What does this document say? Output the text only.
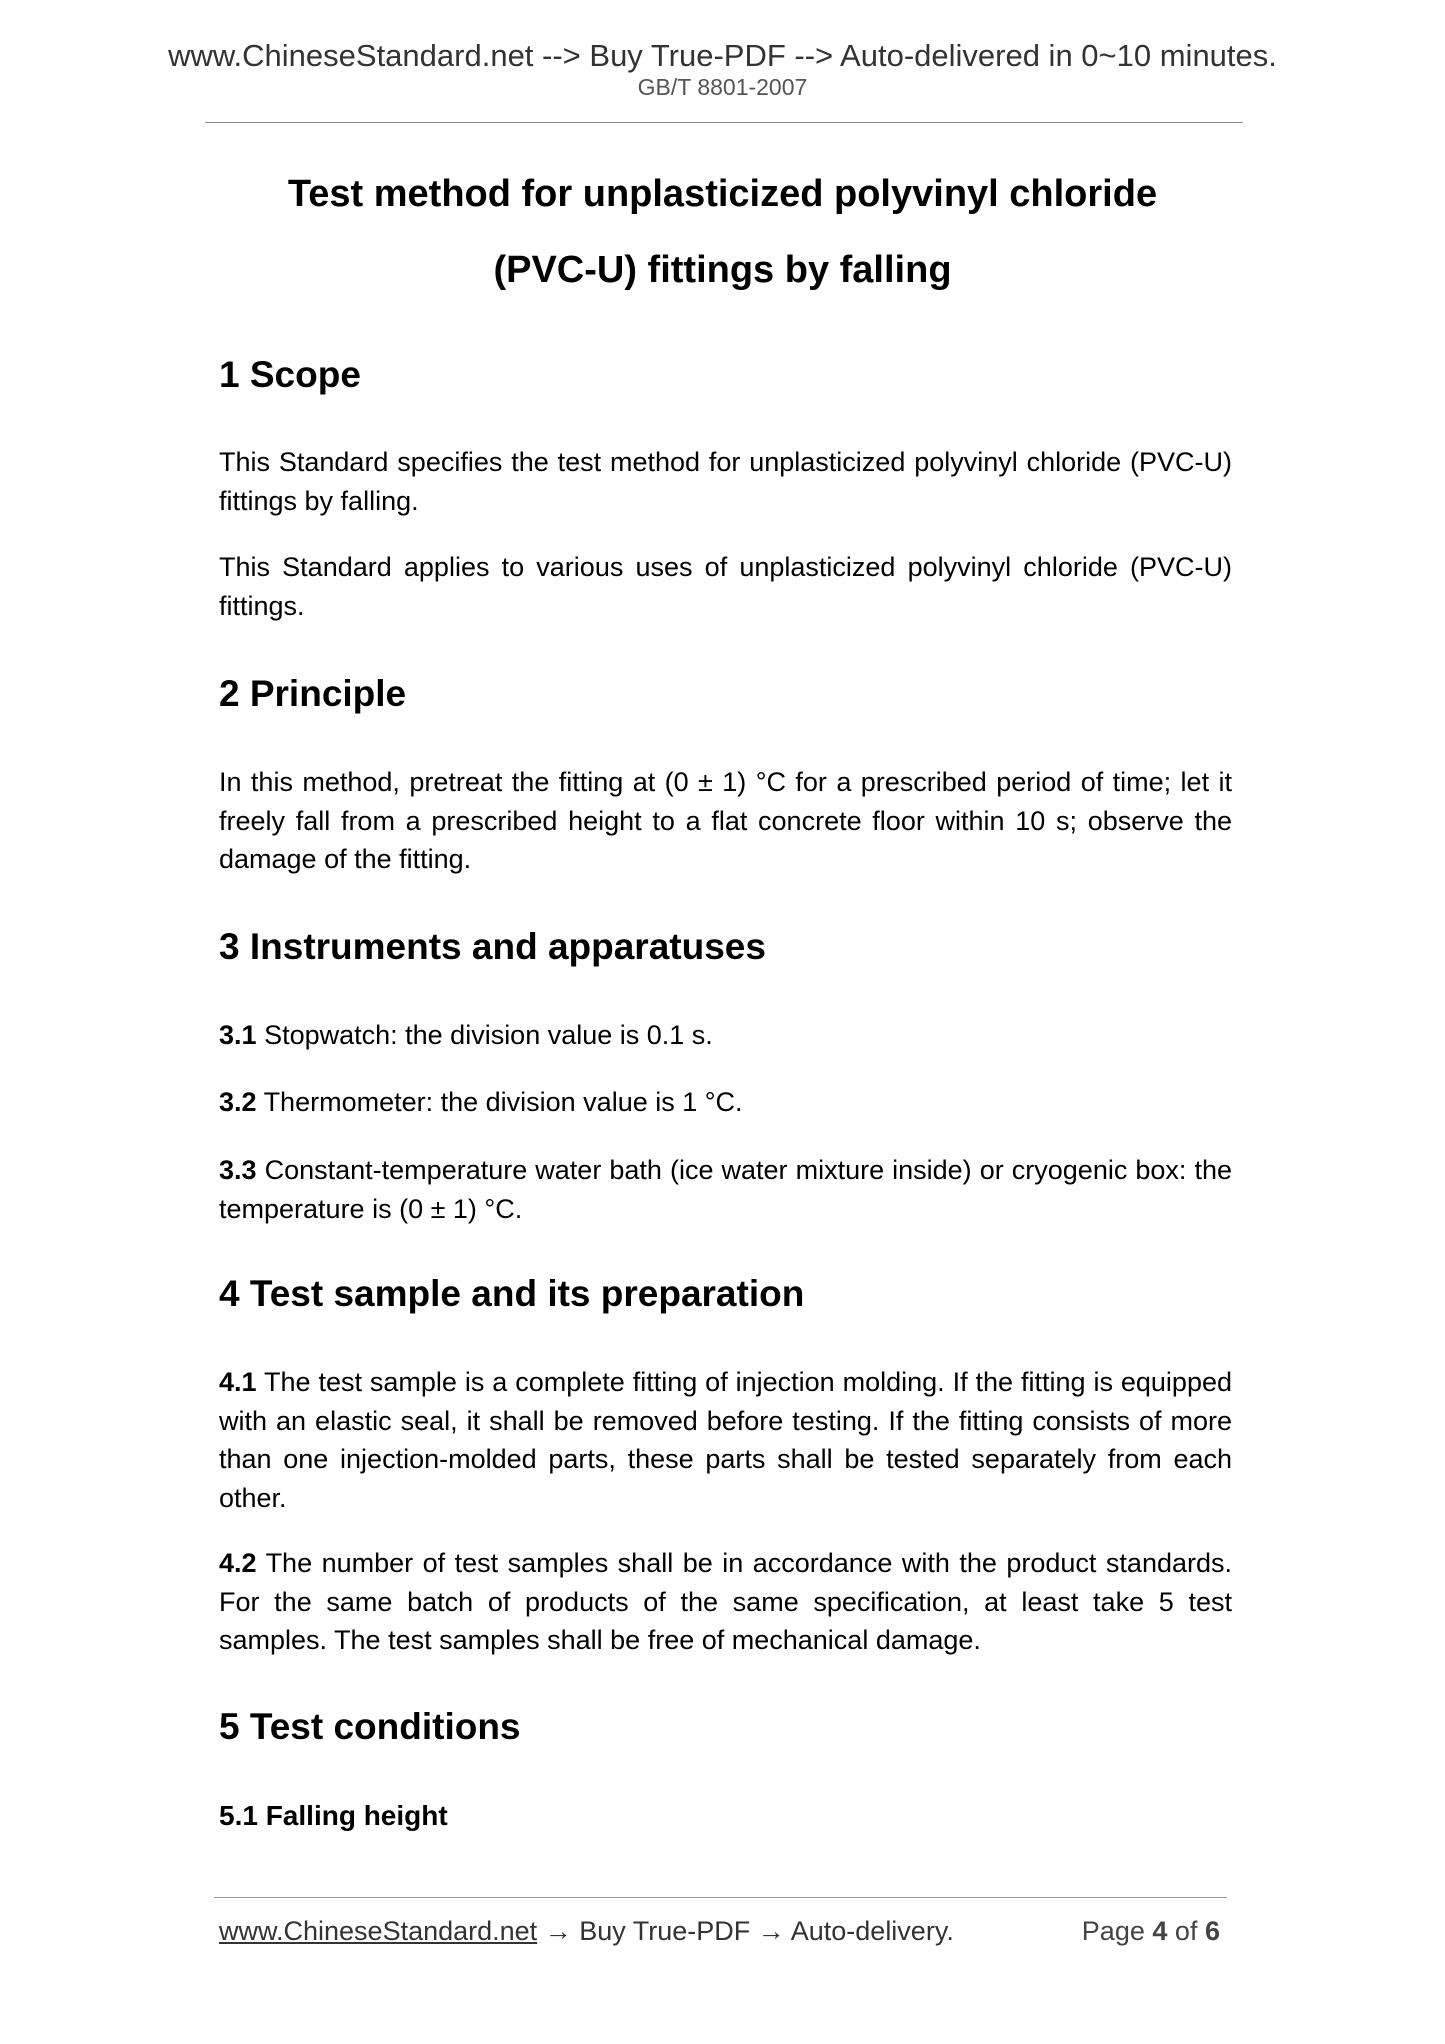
www.ChineseStandard.net --> Buy True-PDF --> Auto-delivered in 0~10 minutes.
GB/T 8801-2007
Test method for unplasticized polyvinyl chloride
(PVC-U) fittings by falling
1 Scope
This Standard specifies the test method for unplasticized polyvinyl chloride (PVC-U) fittings by falling.
This Standard applies to various uses of unplasticized polyvinyl chloride (PVC-U) fittings.
2 Principle
In this method, pretreat the fitting at (0 ± 1) °C for a prescribed period of time; let it freely fall from a prescribed height to a flat concrete floor within 10 s; observe the damage of the fitting.
3 Instruments and apparatuses
3.1 Stopwatch: the division value is 0.1 s.
3.2 Thermometer: the division value is 1 °C.
3.3 Constant-temperature water bath (ice water mixture inside) or cryogenic box: the temperature is (0 ± 1) °C.
4 Test sample and its preparation
4.1 The test sample is a complete fitting of injection molding. If the fitting is equipped with an elastic seal, it shall be removed before testing. If the fitting consists of more than one injection-molded parts, these parts shall be tested separately from each other.
4.2 The number of test samples shall be in accordance with the product standards. For the same batch of products of the same specification, at least take 5 test samples. The test samples shall be free of mechanical damage.
5 Test conditions
5.1 Falling height
www.ChineseStandard.net → Buy True-PDF → Auto-delivery.	Page 4 of 6
